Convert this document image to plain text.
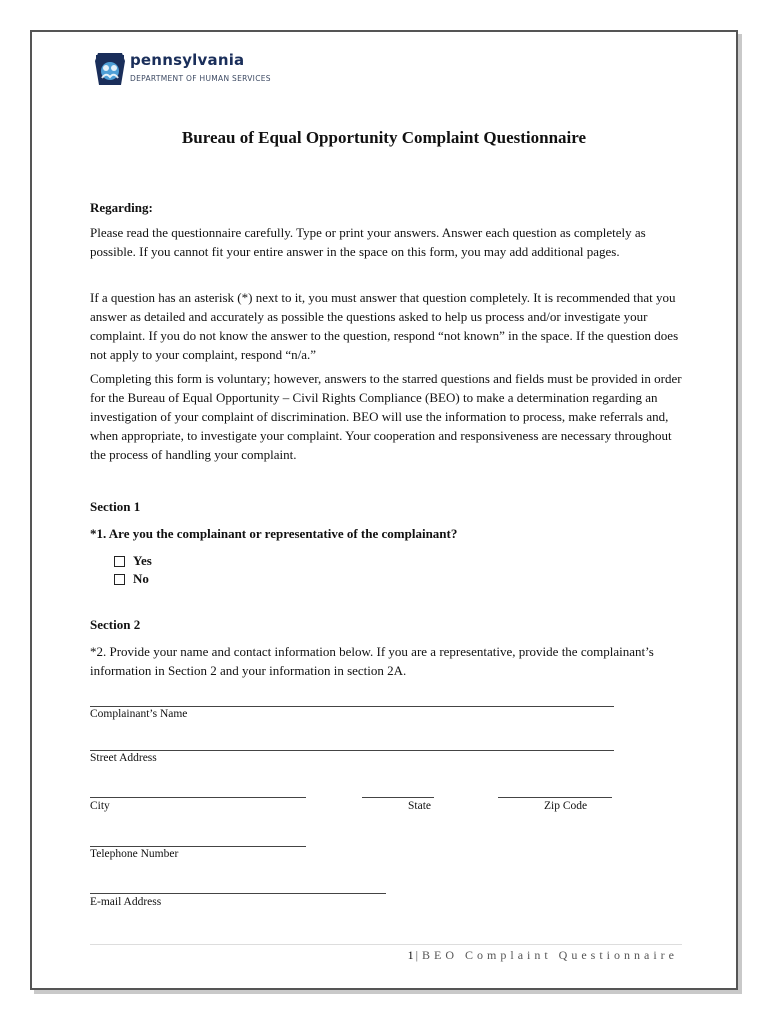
pennsylvania
DEPARTMENT OF HUMAN SERVICES
Bureau of Equal Opportunity Complaint Questionnaire
Regarding:
Please read the questionnaire carefully. Type or print your answers. Answer each question as completely as possible. If you cannot fit your entire answer in the space on this form, you may add additional pages.
If a question has an asterisk (*) next to it, you must answer that question completely. It is recommended that you answer as detailed and accurately as possible the questions asked to help us process and/or investigate your complaint. If you do not know the answer to the question, respond “not known” in the space. If the question does not apply to your complaint, respond “n/a.”
Completing this form is voluntary; however, answers to the starred questions and fields must be provided in order for the Bureau of Equal Opportunity – Civil Rights Compliance (BEO) to make a determination regarding an investigation of your complaint of discrimination. BEO will use the information to process, make referrals and, when appropriate, to investigate your complaint. Your cooperation and responsiveness are necessary throughout the process of handling your complaint.
Section 1
*1. Are you the complainant or representative of the complainant?
Yes
No
Section 2
*2. Provide your name and contact information below. If you are a representative, provide the complainant’s information in Section 2 and your information in section 2A.
Complainant’s Name
Street Address
City	State	Zip Code
Telephone Number
E-mail Address
1 |BEO Complaint Questionnaire
